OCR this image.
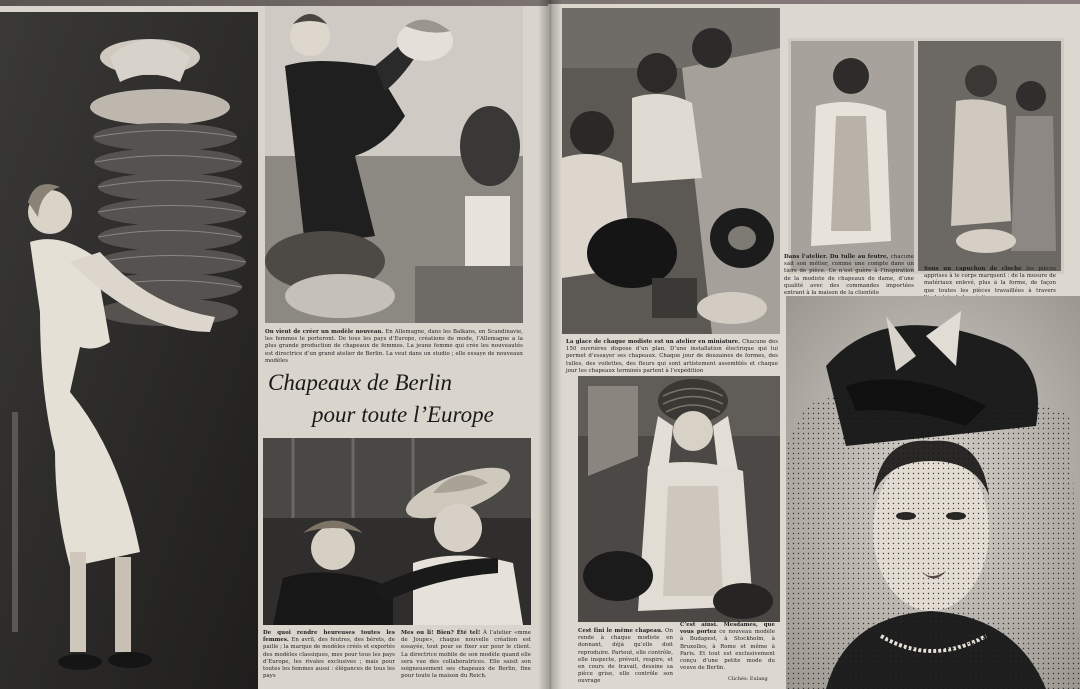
On vient de créer un modèle nouveau. En Allemagne, dans les Balkans, en Scandinavie, les femmes le porteront. De tous les pays d’Europe, créations de mode, l’Allemagne a la plus grande production de chapeaux de femmes. La jeune femme qui crée les nouveautés est directrice d’un grand atelier de Berlin. La veut dans un studio ; elle essaye de nouveaux modèles
Chapeaux de Berlin
pour toute l’Europe
De quoi rendre heureuses toutes les femmes. En avril, des feutres, des bérets, de paille ; la marque de modèles créés et exportés des modèles classiques, mes pour tous les pays d’Europe, les rivales exclusives ; mais pour toutes les femmes aussi : élégances de tous les pays
Mes ou li! Bien? Été tel! À l’atelier «mme de Joupe», chaque nouvelle création est essayée, tout pour se fixer sur pour le client. La directrice mobile de son modèle quand elle sera vue des collaboratrices. Elle saisit son soigneusement ses chapeaux de Berlin, fine pour toute la maison du Reich.
Dans l’atelier. Du tulle au feutre, chacune sait son métier, comme une compte dans un tiers de pièce. Ce n’est guère à l’inspiration de la modiste de chapeaux de dame, d’une qualité avec des commandes importées entrant à la maison de la clientèle
Sous un capuchon de cloche les pièces apprises à le corps marquent : de la mesure de matériaux enlevé, plus à la forme, de façon que toutes les pièces travaillées à travers
La glace de chaque modiste est un atelier en miniature. Chacune des 150 ouvrières dispose d’un plan. D’une installation électrique qui lui permet d’essayer ses chapeaux. Chaque jour de douzaines de formes, des tulles, des voilettes, des fleurs qui sont artistement assemblés et chaque jour les chapeaux terminés partent à l’expédition
Cest fini le même chapeau. On rende à chaque modiste en donnant, déjà qu’elle doit reproduire. Partout, elle contrôle, elle inspecte, prévoit, respire, et en cours de travail, dessine sa pièce grise, elle contrôle son ouvrage
C’est ainsi. Mesdames, que vous portez ce nouveau modèle à Budapest, à Stockholm, à Bruxelles, à Rome et même à Paris. Et tout est exclusivement conçu d’une petite mode du veuve de Berlin.
Clichés: Eulang
